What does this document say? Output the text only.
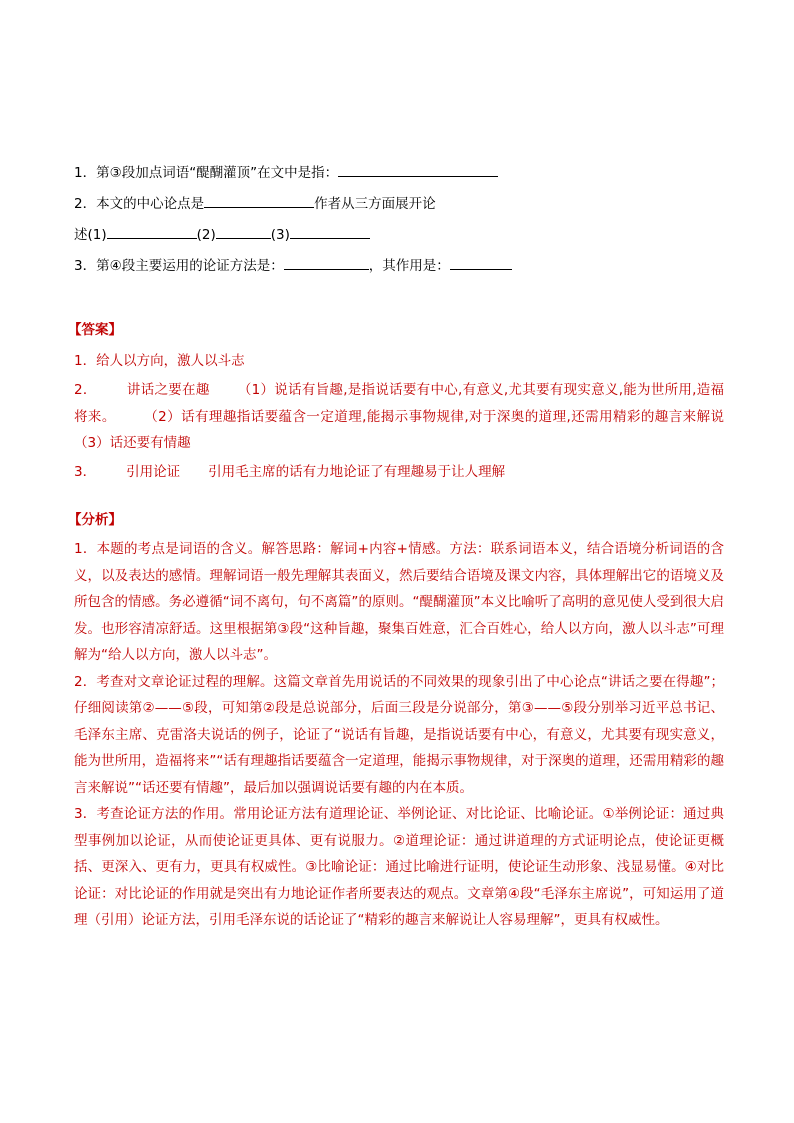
1．第③段加点词语“醍醐灌顶”在文中是指：
2．本文的中心论点是	作者从三方面展开论
述(1)	(2)	(3)
3．第④段主要运用的论证方法是：	，其作用是：
【答案】
1．给人以方向，激人以斗志
2． 讲话之要在趣 （1）说话有旨趣,是指说话要有中心,有意义,尤其要有现实意义,能为世所用,造福将来。 （2）话有理趣指话要蕴含一定道理,能揭示事物规律,对于深奥的道理,还需用精彩的趣言来解说（3）话还要有情趣
3． 引用论证 引用毛主席的话有力地论证了有理趣易于让人理解
【分析】
1．本题的考点是词语的含义。解答思路：解词+内容+情感。方法：联系词语本义，结合语境分析词语的含义，以及表达的感情。理解词语一般先理解其表面义，然后要结合语境及课文内容，具体理解出它的语境义及所包含的情感。务必遵循“词不离句，句不离篇”的原则。“醍醐灌顶”本义比喻听了高明的意见使人受到很大启发。也形容清凉舒适。这里根据第③段“这种旨趣，聚集百姓意，汇合百姓心，给人以方向，激人以斗志”可理解为“给人以方向，激人以斗志”。
2．考查对文章论证过程的理解。这篇文章首先用说话的不同效果的现象引出了中心论点“讲话之要在得趣”；仔细阅读第②——⑤段，可知第②段是总说部分，后面三段是分说部分，第③——⑤段分别举习近平总书记、毛泽东主席、克雷洛夫说话的例子，论证了“说话有旨趣，是指说话要有中心，有意义，尤其要有现实意义，能为世所用，造福将来”“话有理趣指话要蕴含一定道理，能揭示事物规律，对于深奥的道理，还需用精彩的趣言来解说”“话还要有情趣”，最后加以强调说话要有趣的内在本质。
3．考查论证方法的作用。常用论证方法有道理论证、举例论证、对比论证、比喻论证。①举例论证：通过典型事例加以论证，从而使论证更具体、更有说服力。②道理论证：通过讲道理的方式证明论点，使论证更概括、更深入、更有力，更具有权威性。③比喻论证：通过比喻进行证明，使论证生动形象、浅显易懂。④对比论证：对比论证的作用就是突出有力地论证作者所要表达的观点。文章第④段“毛泽东主席说”，可知运用了道理（引用）论证方法，引用毛泽东说的话论证了“精彩的趣言来解说让人容易理解”，更具有权威性。
